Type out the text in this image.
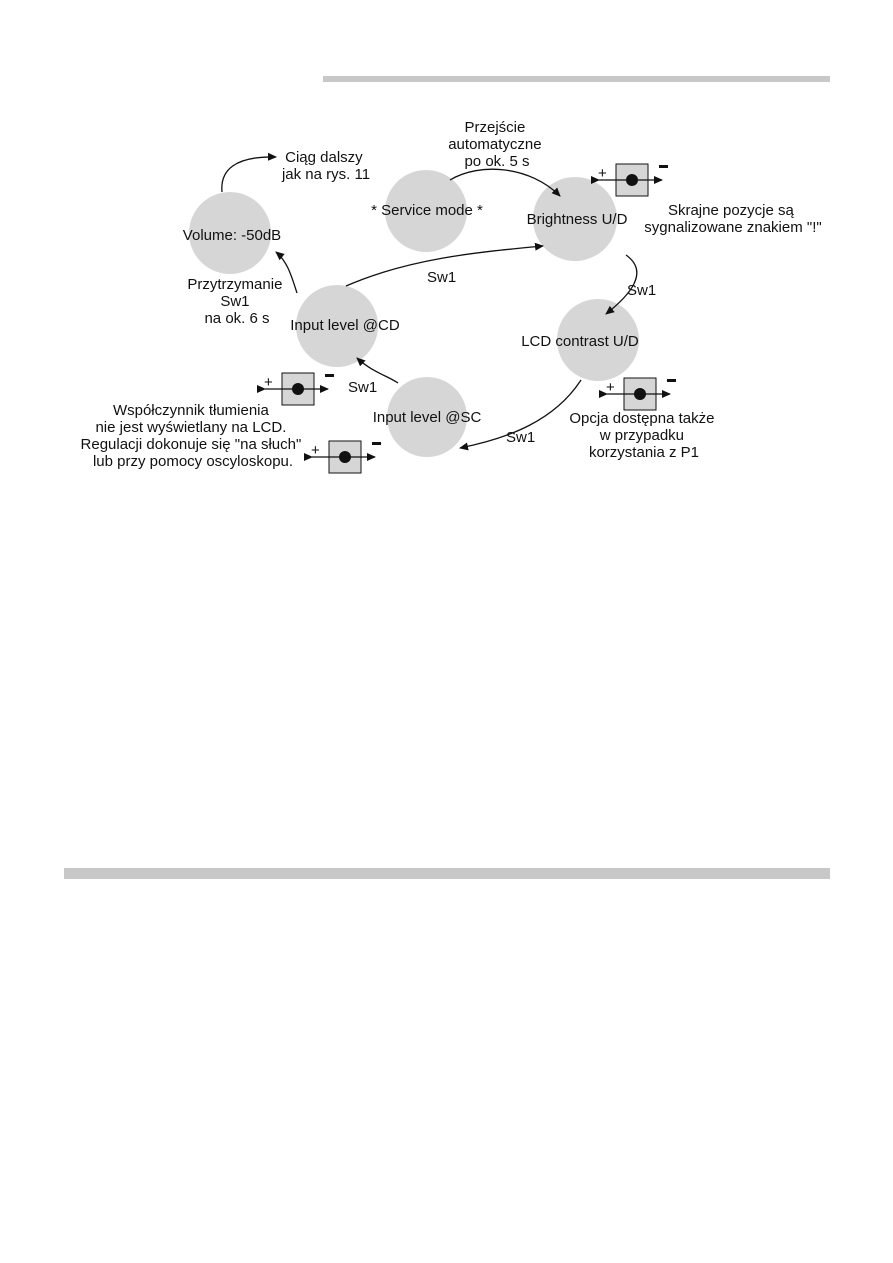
+
+
+
+
* Service mode *
Brightness U/D
LCD contrast U/D
Input level @SC
Input level @CD
Volume: -50dB
Przejście automatyczne po ok. 5 s
Sw1
Sw1
Sw1
Sw1
Przytrzymanie Sw1 na ok. 6 s
Ciąg dalszy jak na rys. 11
Skrajne pozycje są sygnalizowane znakiem "!"
Opcja dostępna także w przypadku korzystania z P1
Współczynnik tłumienia nie jest wyświetlany na LCD. Regulacji dokonuje się "na słuch" lub przy pomocy oscyloskopu.
